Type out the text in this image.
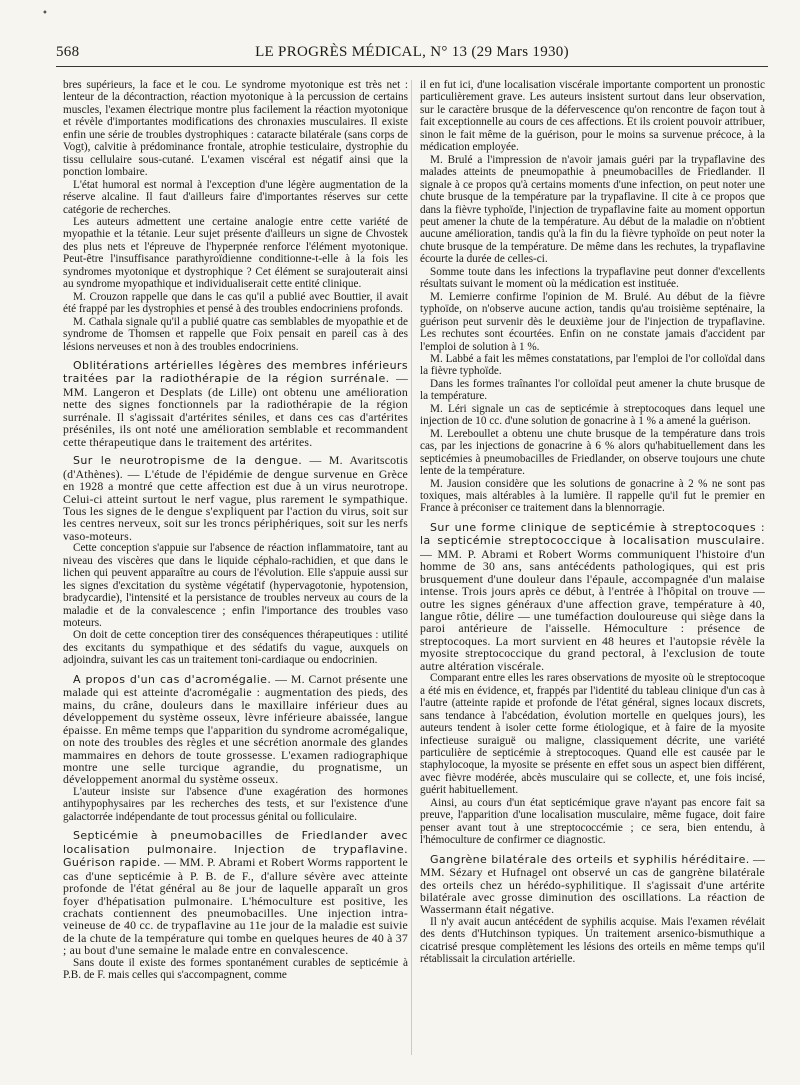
•
568	LE PROGRÈS MÉDICAL, N° 13 (29 Mars 1930)

bres supérieurs, la face et le cou. Le syndrome myotonique est très net : lenteur de la décontraction, réaction myotonique à la percussion de certains muscles, l'examen électrique montre plus facilement la réaction myotonique et révèle d'importantes modifications des chronaxies musculaires. Il existe enfin une série de troubles dystrophiques : cataracte bilatérale (sans corps de Vogt), calvitie à prédominance frontale, atrophie testiculaire, dystrophie du tissu cellulaire sous-cutané. L'examen viscéral est négatif ainsi que la ponction lombaire.

L'état humoral est normal à l'exception d'une légère augmentation de la réserve alcaline. Il faut d'ailleurs faire d'importantes réserves sur cette catégorie de recherches.

Les auteurs admettent une certaine analogie entre cette variété de myopathie et la tétanie. Leur sujet présente d'ailleurs un signe de Chvostek des plus nets et l'épreuve de l'hyperpnée renforce l'élément myotonique. Peut-être l'insuffisance parathyroïdienne conditionne-t-elle à la fois les syndromes myotonique et dystrophique ? Cet élément se surajouterait ainsi au syndrome myopathique et individualiserait cette entité clinique.

M. Crouzon rappelle que dans le cas qu'il a publié avec Bouttier, il avait été frappé par les dystrophies et pensé à des troubles endocriniens profonds.

M. Cathala signale qu'il a publié quatre cas semblables de myopathie et de syndrome de Thomsen et rappelle que Foix pensait en pareil cas à des lésions nerveuses et non à des troubles endocriniens.

Oblitérations artérielles légères des membres inférieurs traitées par la radiothérapie de la région surrénale. — MM. Langeron et Desplats (de Lille) ont obtenu une amélioration nette des signes fonctionnels par la radiothérapie de la région surrénale. Il s'agissait d'artérites séniles, et dans ces cas d'artérites préséniles, ils ont noté une amélioration semblable et recommandent cette thérapeutique dans le traitement des artérites.
Sur le neurotropisme de la dengue. — M. Avaritscotis (d'Athènes). — L'étude de l'épidémie de dengue survenue en Grèce en 1928 a montré que cette affection est due à un virus neurotrope. Celui-ci atteint surtout le nerf vague, plus rarement le sympathique. Tous les signes de le dengue s'expliquent par l'action du virus, soit sur les centres nerveux, soit sur les troncs périphériques, soit sur les nerfs vaso-moteurs.

Cette conception s'appuie sur l'absence de réaction inflammatoire, tant au niveau des viscères que dans le liquide céphalo-rachidien, et que dans le lichen qui peuvent apparaître au cours de l'évolution. Elle s'appuie aussi sur les signes d'excitation du système végétatif (hypervagotonie, hypotension, bradycardie), l'intensité et la persistance de troubles nerveux au cours de la maladie et de la convalescence ; enfin l'importance des troubles vaso moteurs.

On doit de cette conception tirer des conséquences thérapeutiques : utilité des excitants du sympathique et des sédatifs du vague, auxquels on adjoindra, suivant les cas un traitement toni-cardiaque ou endocrinien.

A propos d'un cas d'acromégalie. — M. Carnot présente une malade qui est atteinte d'acromégalie : augmentation des pieds, des mains, du crâne, douleurs dans le maxillaire inférieur dues au développement du système osseux, lèvre inférieure abaissée, langue épaisse. En même temps que l'apparition du syndrome acromégalique, on note des troubles des règles et une sécrétion anormale des glandes mammaires en dehors de toute grossesse. L'examen radiographique montre une selle turcique agrandie, du prognatisme, un développement anormal du système osseux.

L'auteur insiste sur l'absence d'une exagération des hormones antihypophysaires par les recherches des tests, et sur l'existence d'une galactorrée indépendante de tout processus génital ou folliculaire.

Septicémie à pneumobacilles de Friedlander avec localisation pulmonaire. Injection de trypaflavine. Guérison rapide. — MM. P. Abrami et Robert Worms rapportent le cas d'une septicémie à P. B. de F., d'allure sévère avec atteinte profonde de l'état général au 8e jour de laquelle apparaît un gros foyer d'hépatisation pulmonaire. L'hémoculture est positive, les crachats contiennent des pneumobacilles. Une injection intra-veineuse de 40 cc. de trypaflavine au 11e jour de la maladie est suivie de la chute de la température qui tombe en quelques heures de 40 à 37 ; au bout d'une semaine le malade entre en convalescence.

Sans doute il existe des formes spontanément curables de septicémie à P.B. de F. mais celles qui s'accompagnent, comme

il en fut ici, d'une localisation viscérale importante comportent un pronostic particulièrement grave. Les auteurs insistent surtout dans leur observation, sur le caractère brusque de la défervescence qu'on rencontre de façon tout à fait exceptionnelle au cours de ces affections. Et ils croient pouvoir attribuer, sinon le fait même de la guérison, pour le moins sa survenue précoce, à la médication employée.

M. Brulé a l'impression de n'avoir jamais guéri par la trypaflavine des malades atteints de pneumopathie à pneumobacilles de Friedlander. Il signale à ce propos qu'à certains moments d'une infection, on peut noter une chute brusque de la température par la trypaflavine. Il cite à ce propos que dans la fièvre typhoïde, l'injection de trypaflavine faite au moment opportun peut amener la chute de la température. Au début de la maladie on n'obtient aucune amélioration, tandis qu'à la fin du la fièvre typhoïde on peut noter la chute brusque de la température. De même dans les rechutes, la trypaflavine écourte la durée de celles-ci.

Somme toute dans les infections la trypaflavine peut donner d'excellents résultats suivant le moment où la médication est instituée.

M. Lemierre confirme l'opinion de M. Brulé. Au début de la fièvre typhoïde, on n'observe aucune action, tandis qu'au troisième septénaire, la guérison peut survenir dès le deuxième jour de l'injection de trypaflavine. Les rechutes sont écourtées. Enfin on ne constate jamais d'accident par l'emploi de solution à 1 %.

M. Labbé a fait les mêmes constatations, par l'emploi de l'or colloïdal dans la fièvre typhoïde.

Dans les formes traînantes l'or colloïdal peut amener la chute brusque de la température.

M. Léri signale un cas de septicémie à streptocoques dans lequel une injection de 10 cc. d'une solution de gonacrine à 1 % a amené la guérison.

M. Lereboullet a obtenu une chute brusque de la température dans trois cas, par les injections de gonacrine à 6 % alors qu'habituellement dans les septicémies à pneumobacilles de Friedlander, on observe toujours une chute lente de la température.

M. Jausion considère que les solutions de gonacrine à 2 % ne sont pas toxiques, mais altérables à la lumière. Il rappelle qu'il fut le premier en France à préconiser ce traitement dans la blennorragie.

Sur une forme clinique de septicémie à streptocoques : la septicémie streptococcique à localisation musculaire. — MM. P. Abrami et Robert Worms communiquent l'histoire d'un homme de 30 ans, sans antécédents pathologiques, qui est pris brusquement d'une douleur dans l'épaule, accompagnée d'un malaise intense. Trois jours après ce début, à l'entrée à l'hôpital on trouve — outre les signes généraux d'une affection grave, température à 40, langue rôtie, délire — une tuméfaction douloureuse qui siège dans la paroi antérieure de l'aisselle. Hémoculture : présence de streptocoques. La mort survient en 48 heures et l'autopsie révèle la myosite streptococcique du grand pectoral, à l'exclusion de toute autre altération viscérale.

Comparant entre elles les rares observations de myosite où le streptocoque a été mis en évidence, et, frappés par l'identité du tableau clinique d'un cas à l'autre (atteinte rapide et profonde de l'état général, signes locaux discrets, sans tendance à l'abcédation, évolution mortelle en quelques jours), les auteurs tendent à isoler cette forme étiologique, et à faire de la myosite infectieuse suraiguë ou maligne, classiquement décrite, une variété particulière de septicémie à streptocoques. Quand elle est causée par le staphylocoque, la myosite se présente en effet sous un aspect bien différent, avec fièvre modérée, abcès musculaire qui se collecte, et, une fois incisé, guérit habituellement.

Ainsi, au cours d'un état septicémique grave n'ayant pas encore fait sa preuve, l'apparition d'une localisation musculaire, même fugace, doit faire penser avant tout à une streptococcémie ; ce sera, bien entendu, à l'hémoculture de confirmer ce diagnostic.

Gangrène bilatérale des orteils et syphilis héréditaire. — MM. Sézary et Hufnagel ont observé un cas de gangrène bilatérale des orteils chez un hérédo-syphilitique. Il s'agissait d'une artérite bilatérale avec grosse diminution des oscillations. La réaction de Wassermann était négative.

Il n'y avait aucun antécédent de syphilis acquise. Mais l'examen révélait des dents d'Hutchinson typiques. Un traitement arsenico-bismuthique a cicatrisé presque complètement les lésions des orteils en même temps qu'il rétablissait la circulation artérielle.
